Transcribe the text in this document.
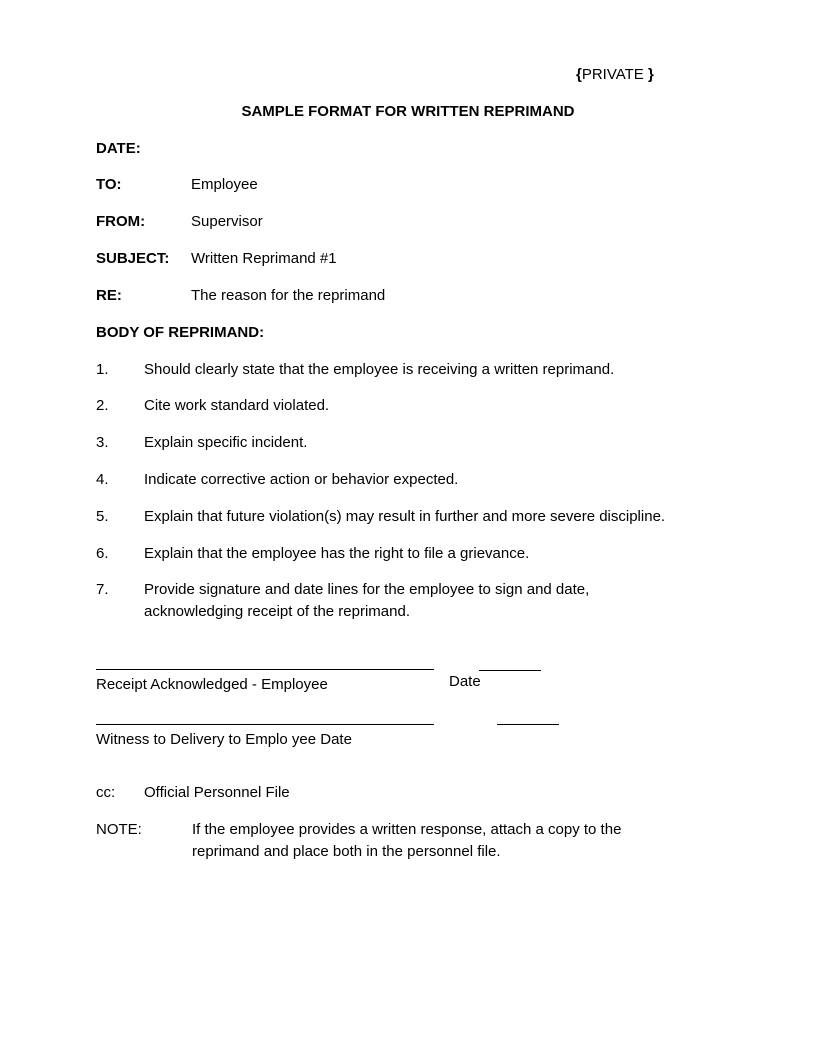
{PRIVATE }
SAMPLE FORMAT FOR WRITTEN REPRIMAND
DATE:
TO:	Employee
FROM:	Supervisor
SUBJECT: Written Reprimand #1
RE:	The reason for the reprimand
BODY OF REPRIMAND:
1. Should clearly state that the employee is receiving a written reprimand.
2. Cite work standard violated.
3. Explain specific incident.
4. Indicate corrective action or behavior expected.
5. Explain that future violation(s) may result in further and more severe discipline.
6. Explain that the employee has the right to file a grievance.
7. Provide signature and date lines for the employee to sign and date,
acknowledging receipt of the reprimand.
Receipt Acknowledged - Employee	Date
Witness to Delivery to Emplo yee Date
cc: Official Personnel File
NOTE:	If the employee provides a written response, attach a copy to the
reprimand and place both in the personnel file.
